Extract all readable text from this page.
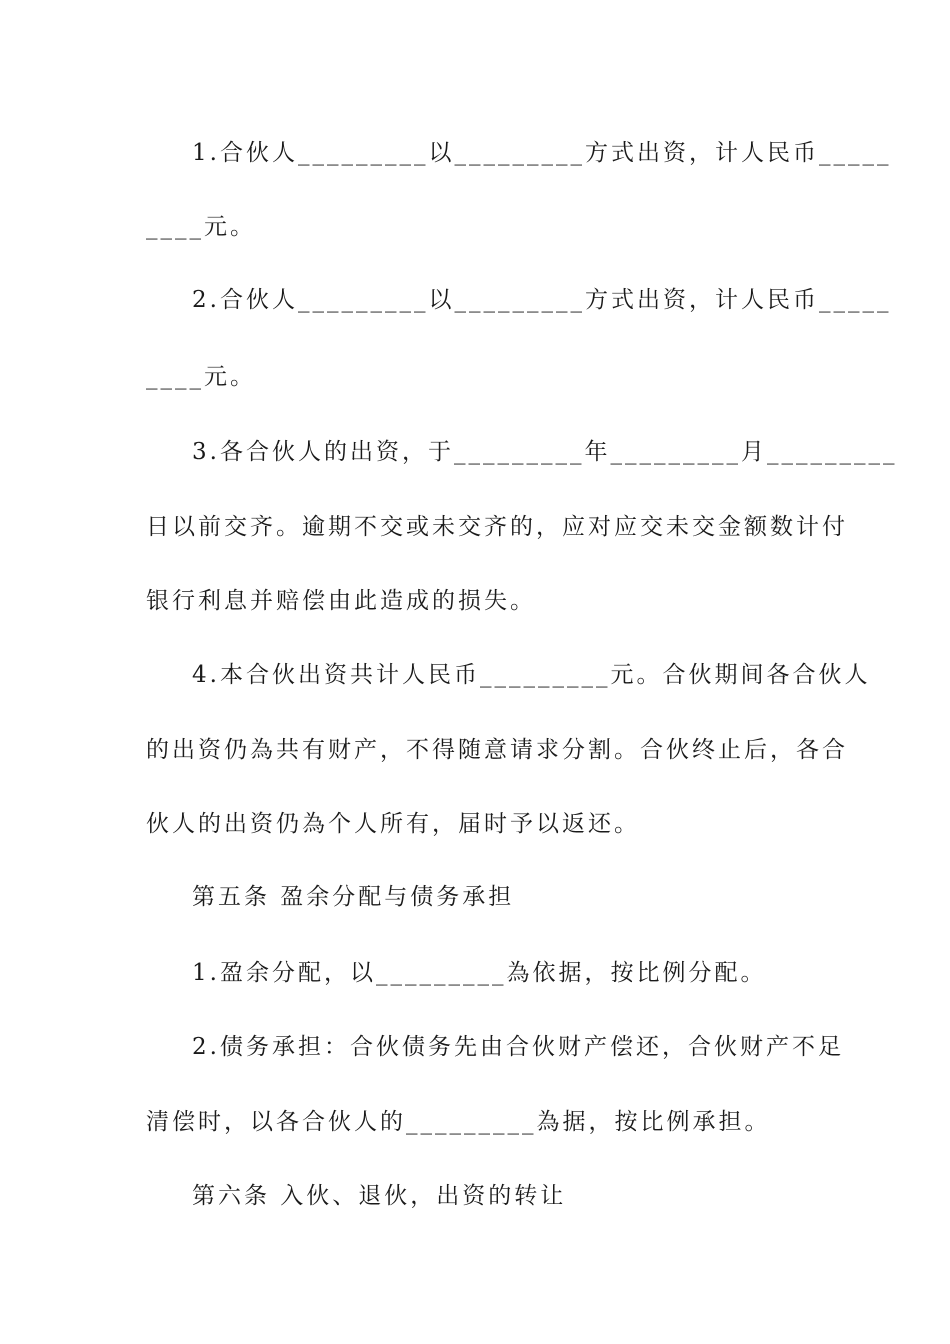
1.合伙人_________以_________方式出资，计人民币_____
____元。
2.合伙人_________以_________方式出资，计人民币_____
____元。
3.各合伙人的出资，于_________年_________月_________
日以前交齐。逾期不交或未交齐的，应对应交未交金额数计付
银行利息并赔偿由此造成的损失。
4.本合伙出资共计人民币_________元。合伙期间各合伙人
的出资仍為共有财产，不得随意请求分割。合伙终止后，各合
伙人的出资仍為个人所有，届时予以返还。
第五条 盈余分配与债务承担
1.盈余分配，以_________為依据，按比例分配。
2.债务承担：合伙债务先由合伙财产偿还，合伙财产不足
清偿时，以各合伙人的_________為据，按比例承担。
第六条 入伙、退伙，出资的转让
